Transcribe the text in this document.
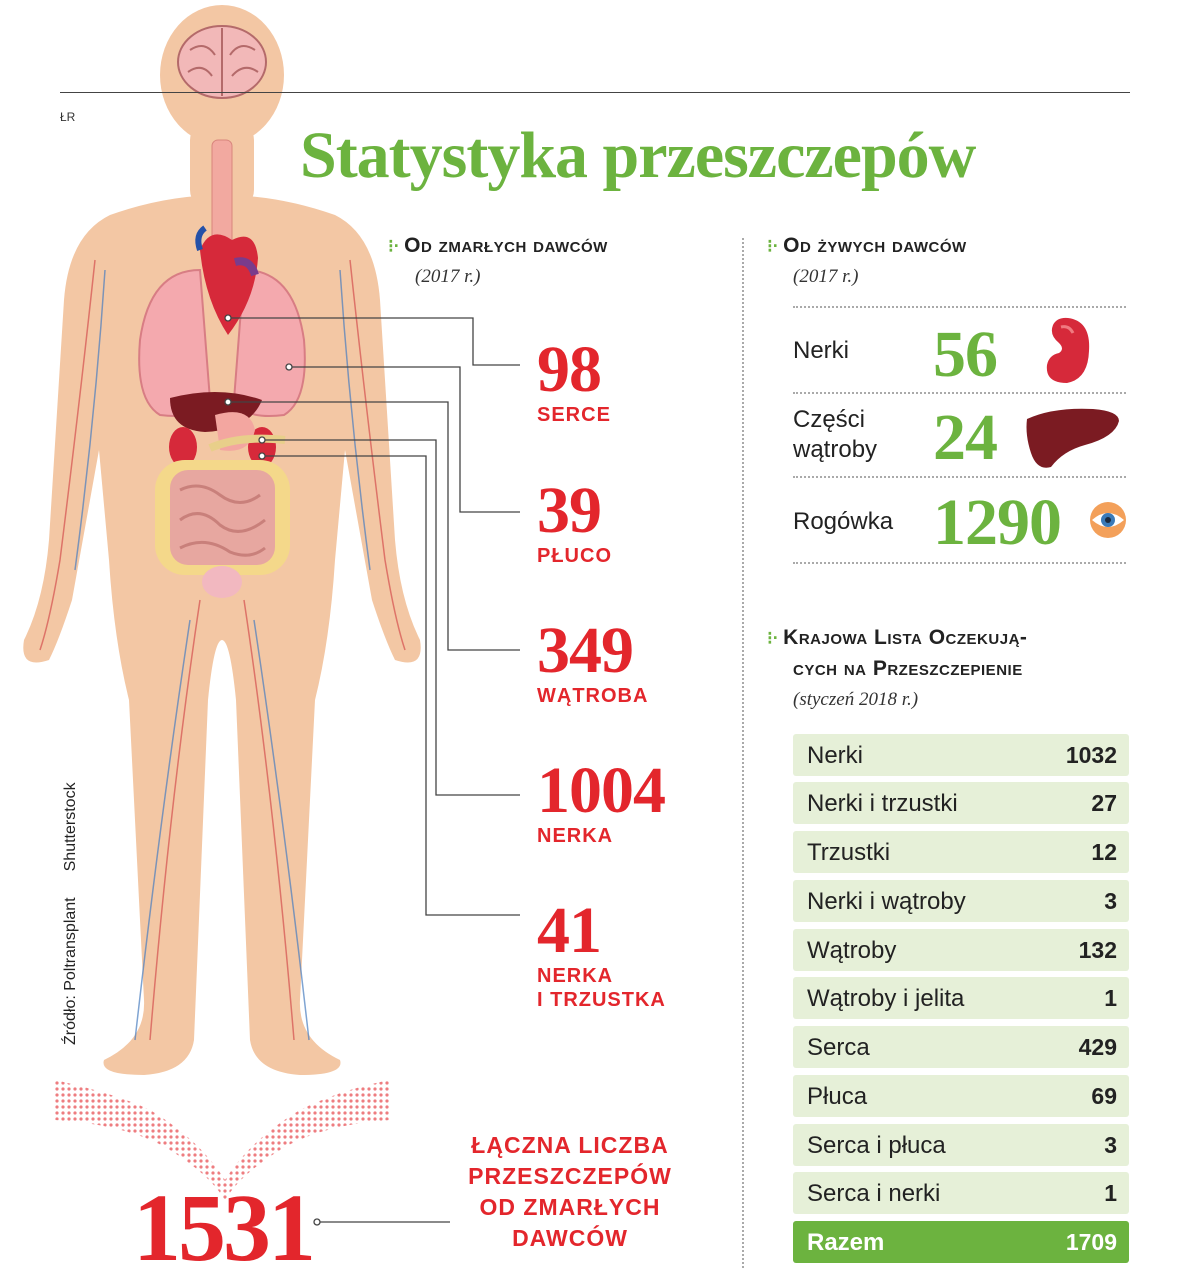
ŁR
Statystyka przeszczepów
⁝· Od zmarłych dawców
(2017 r.)
98
SERCE
39
PŁUCO
349
WĄTROBA
1004
NERKA
41
NERKA
I TRZUSTKA
⁝· Od żywych dawców
(2017 r.)
Nerki 56
Części
wątroby 24
Rogówka 1290
⁝· Krajowa Lista Oczekują-
cych na Przeszczepienie
(styczeń 2018 r.)
Nerki	1032
Nerki i trzustki	27
Trzustki	12
Nerki i wątroby	3
Wątroby	132
Wątroby i jelita	1
Serca	429
Płuca	69
Serca i płuca	3
Serca i nerki	1
Razem	1709
Źródło: PoltransplantShutterstock
1531
ŁĄCZNA LICZBA
PRZESZCZEPÓW
OD ZMARŁYCH
DAWCÓW
